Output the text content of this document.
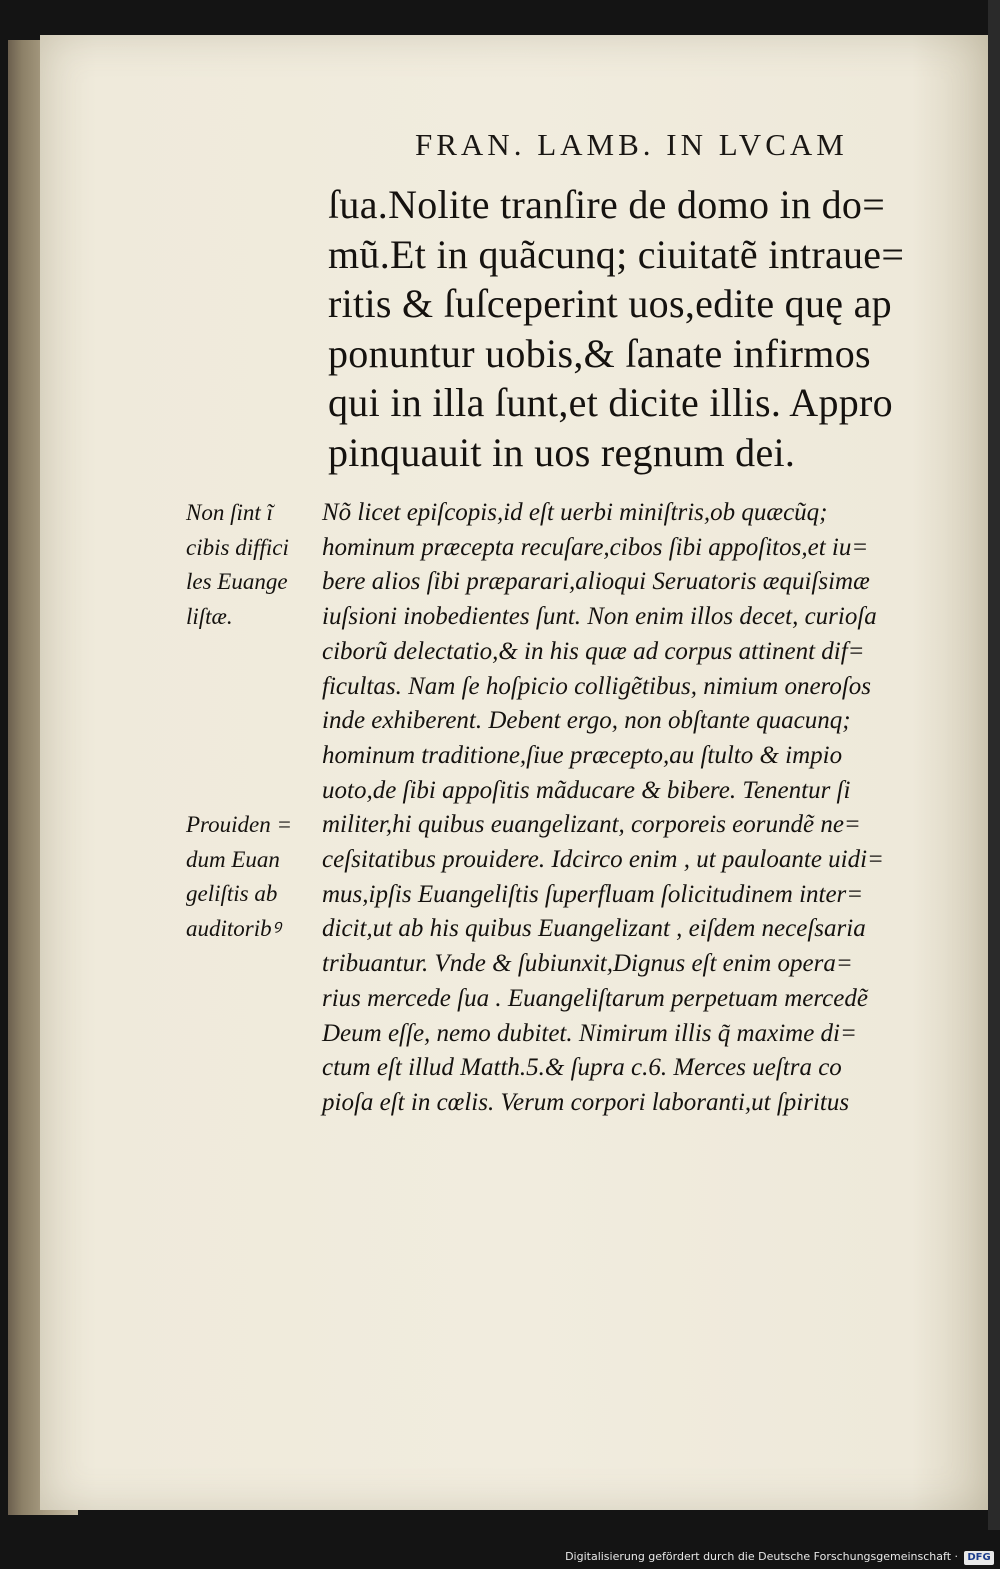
FRAN. LAMB. IN LVCAM
ſua.Nolite tranſire de domo in do=
mũ.Et in quãcunq; ciuitatẽ intraue=
ritis & ſuſceperint uos,edite quę ap
ponuntur uobis,& ſanate infirmos
qui in illa ſunt,et dicite illis. Appro
pinquauit in uos regnum dei.
Non ſint ĩ
cibis diffici
les Euange
liſtæ.
Prouiden =
dum Euan
geliſtis ab
auditoribꝰ
Nõ licet epiſcopis,id eſt uerbi miniſtris,ob quæcũq;
hominum præcepta recuſare,cibos ſibi appoſitos,et iu=
bere alios ſibi præparari,alioqui Seruatoris æquiſsimæ
iuſsioni inobedientes ſunt. Non enim illos decet, curioſa
ciborũ delectatio,& in his quæ ad corpus attinent dif=
ficultas. Nam ſe hoſpicio colligẽtibus, nimium oneroſos
inde exhiberent. Debent ergo, non obſtante quacunq;
hominum traditione,ſiue præcepto,au ſtulto & impio
uoto,de ſibi appoſitis mãducare & bibere. Tenentur ſi
militer,hi quibus euangelizant, corporeis eorundẽ ne=
ceſsitatibus prouidere. Idcirco enim , ut pauloante uidi=
mus,ipſis Euangeliſtis ſuperfluam ſolicitudinem inter=
dicit,ut ab his quibus Euangelizant , eiſdem neceſsaria
tribuantur. Vnde & ſubiunxit,Dignus eſt enim opera=
rius mercede ſua . Euangeliſtarum perpetuam mercedẽ
Deum eſſe, nemo dubitet. Nimirum illis q̃ maxime di=
ctum eſt illud Matth.5.& ſupra c.6. Merces ueſtra co
pioſa eſt in cœlis. Verum corpori laboranti,ut ſpiritus
Digitalisierung gefördert durch die Deutsche Forschungsgemeinschaft · DFG
